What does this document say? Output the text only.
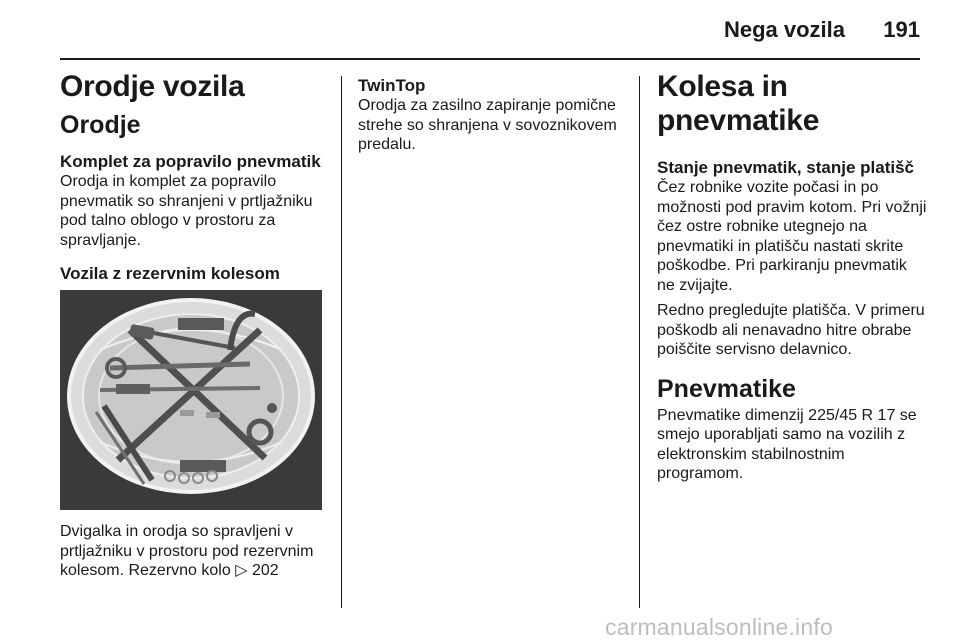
Nega vozila 191
Orodje vozila
Orodje
Komplet za popravilo pnevmatik
Orodja in komplet za popravilo pnevmatik so shranjeni v prtljažniku pod talno oblogo v prostoru za spravljanje.
Vozila z rezervnim kolesom
Dvigalka in orodja so spravljeni v prtljažniku v prostoru pod rezervnim kolesom. Rezervno kolo ▷ 202
TwinTop
Orodja za zasilno zapiranje pomične strehe so shranjena v sovoznikovem predalu.
Kolesa in pnevmatike
Stanje pnevmatik, stanje platišč
Čez robnike vozite počasi in po možnosti pod pravim kotom. Pri vožnji čez ostre robnike utegnejo na pnevmatiki in platišču nastati skrite poškodbe. Pri parkiranju pnevmatik ne zvijajte.
Redno pregledujte platišča. V primeru poškodb ali nenavadno hitre obrabe poiščite servisno delavnico.
Pnevmatike
Pnevmatike dimenzij 225/45 R 17 se smejo uporabljati samo na vozilih z elektronskim stabilnostnim programom.
carmanualsonline.info
